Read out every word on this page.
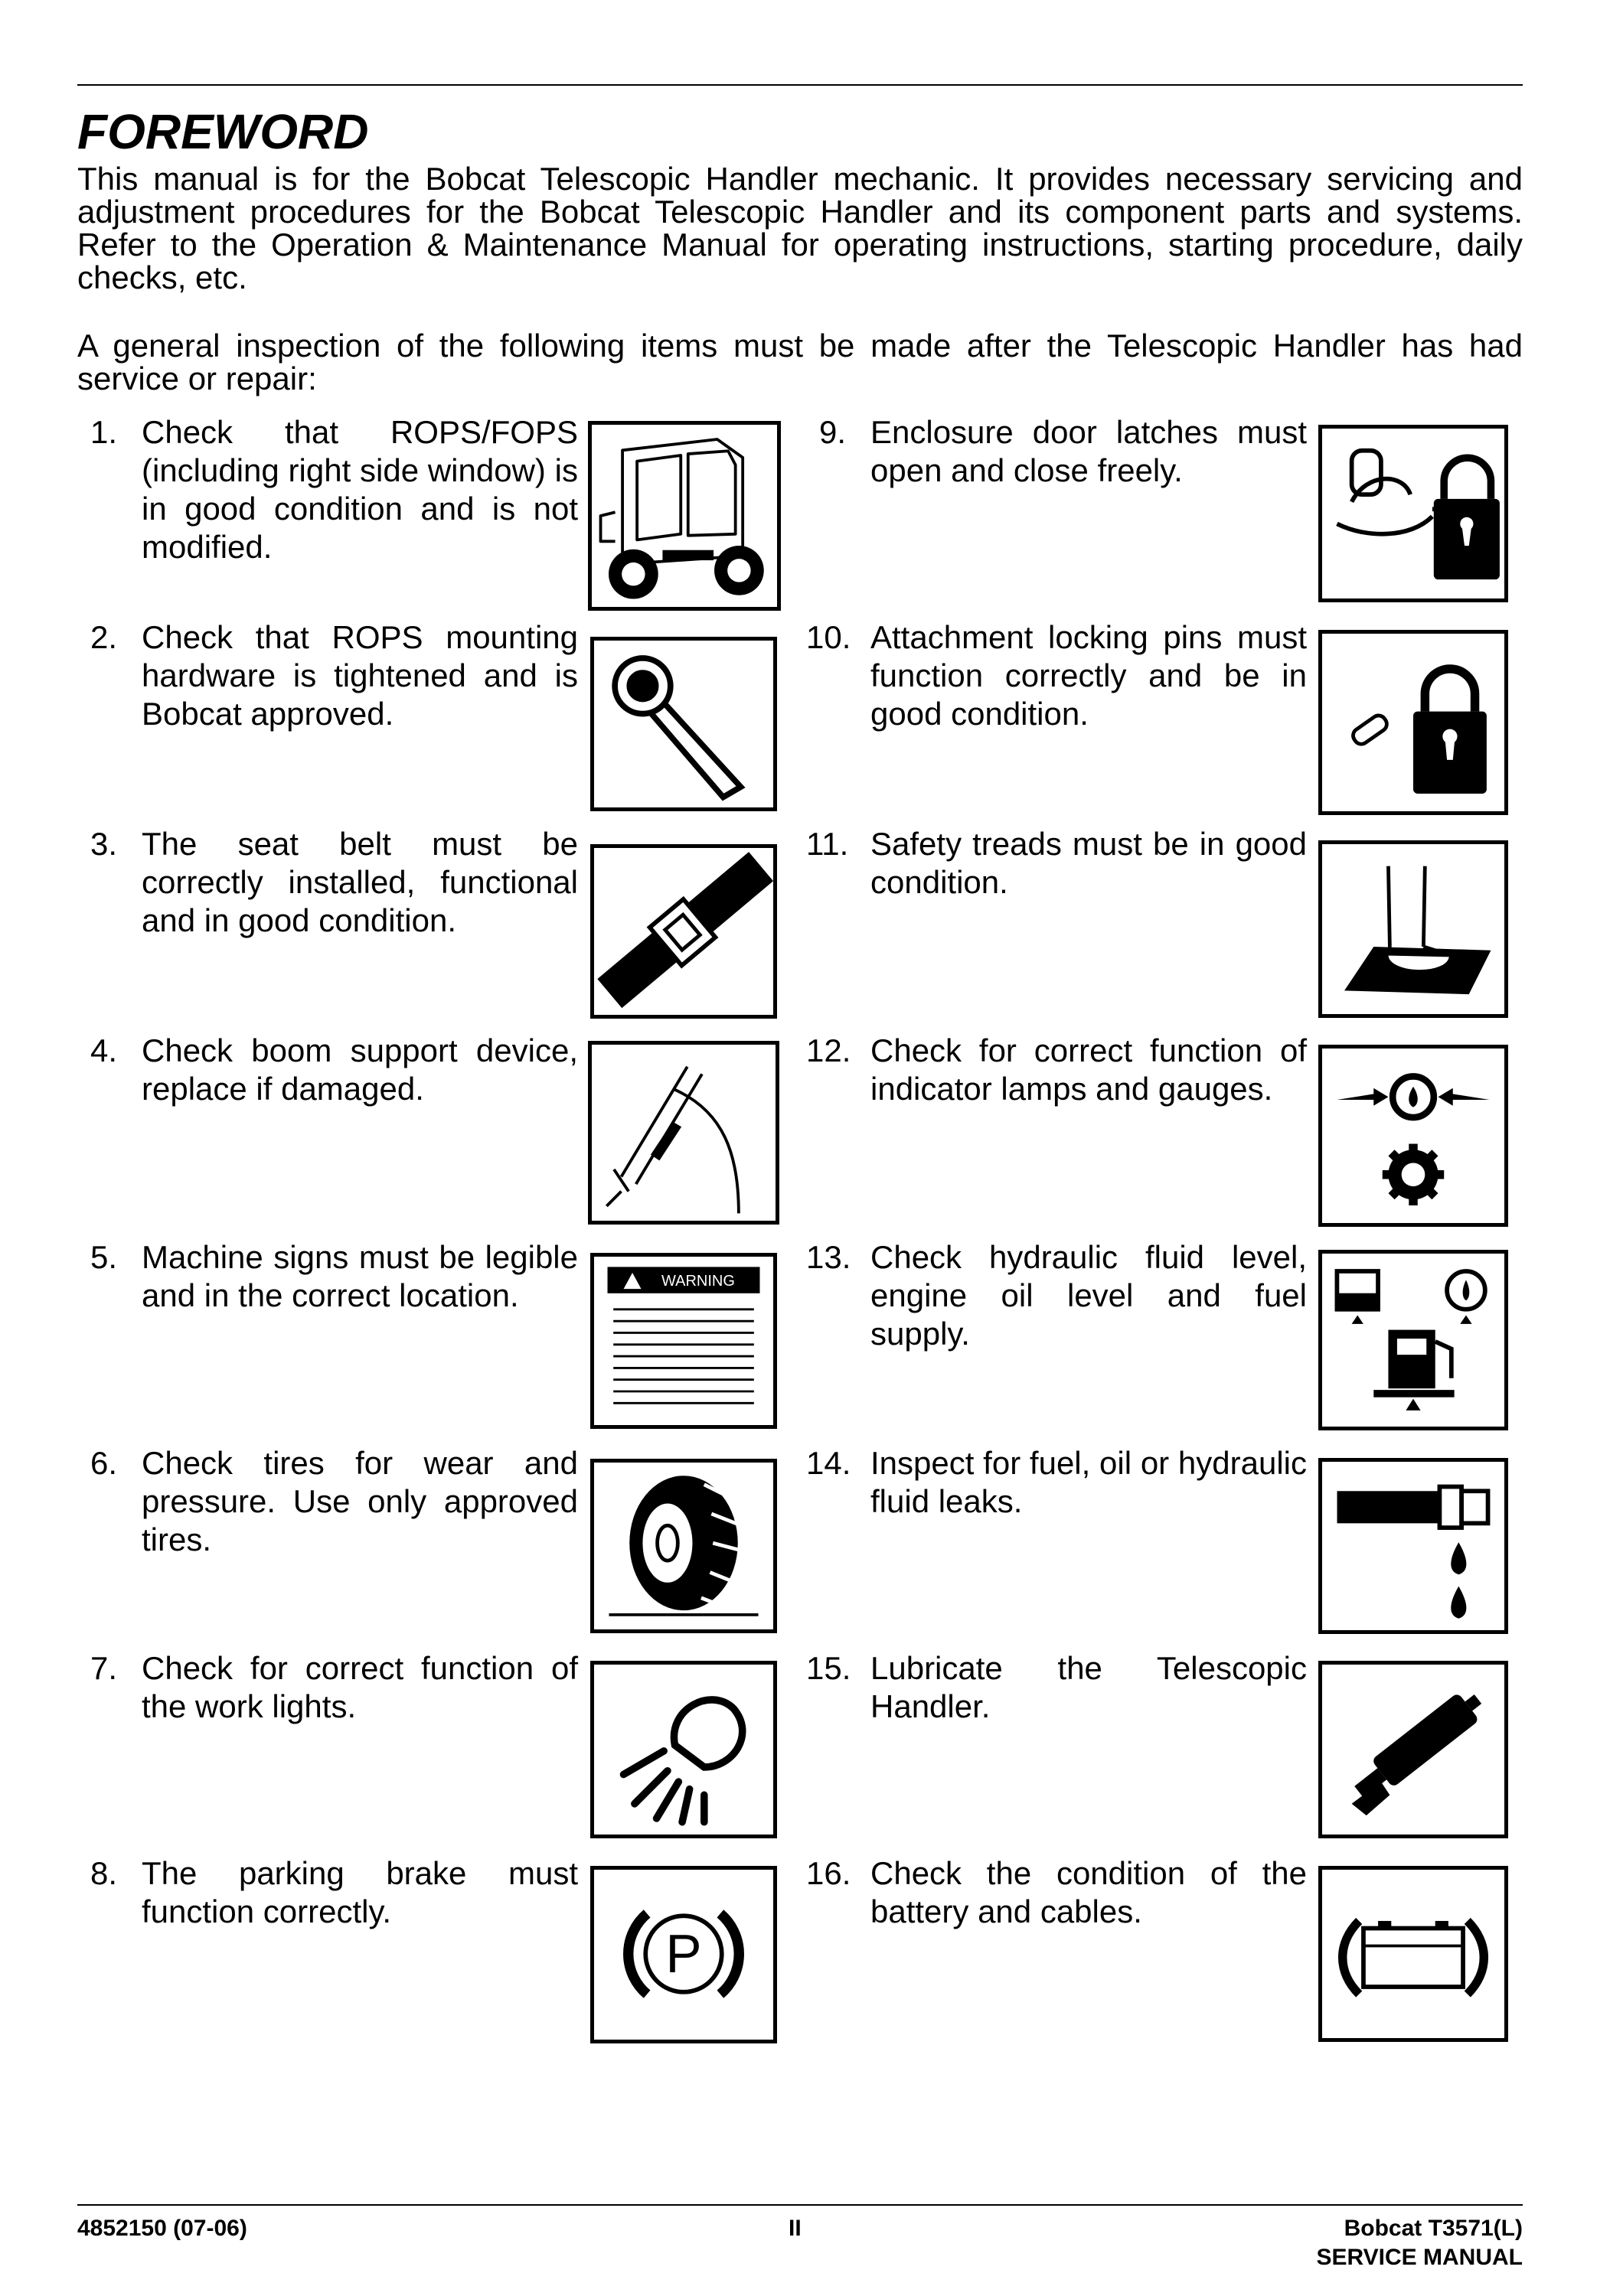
FOREWORD

This manual is for the Bobcat Telescopic Handler mechanic. It provides necessary servicing and adjustment procedures for the Bobcat Telescopic Handler and its component parts and systems. Refer to the Operation & Maintenance Manual for operating instructions, starting procedure, daily checks, etc.

A general inspection of the following items must be made after the Telescopic Handler has had service or repair:

1. Check that ROPS/FOPS (including right side window) is in good condition and is not modified.
2. Check that ROPS mounting hardware is tightened and is Bobcat approved.
3. The seat belt must be correctly installed, functional and in good condition.
4. Check boom support device, replace if damaged.
5. Machine signs must be legible and in the correct location.	WARNING
6. Check tires for wear and pressure. Use only approved tires.
7. Check for correct function of the work lights.
8. The parking brake must function correctly.
P
9. Enclosure door latches must open and close freely.
10. Attachment locking pins must function correctly and be in good condition.
11. Safety treads must be in good condition.
12. Check for correct function of indicator lamps and gauges.
13. Check hydraulic fluid level, engine oil level and fuel supply.
14. Inspect for fuel, oil or hydraulic fluid leaks.
15. Lubricate the Telescopic Handler.
16. Check the condition of the battery and cables.
4852150 (07-06)	II	Bobcat T3571(L)
SERVICE MANUAL
